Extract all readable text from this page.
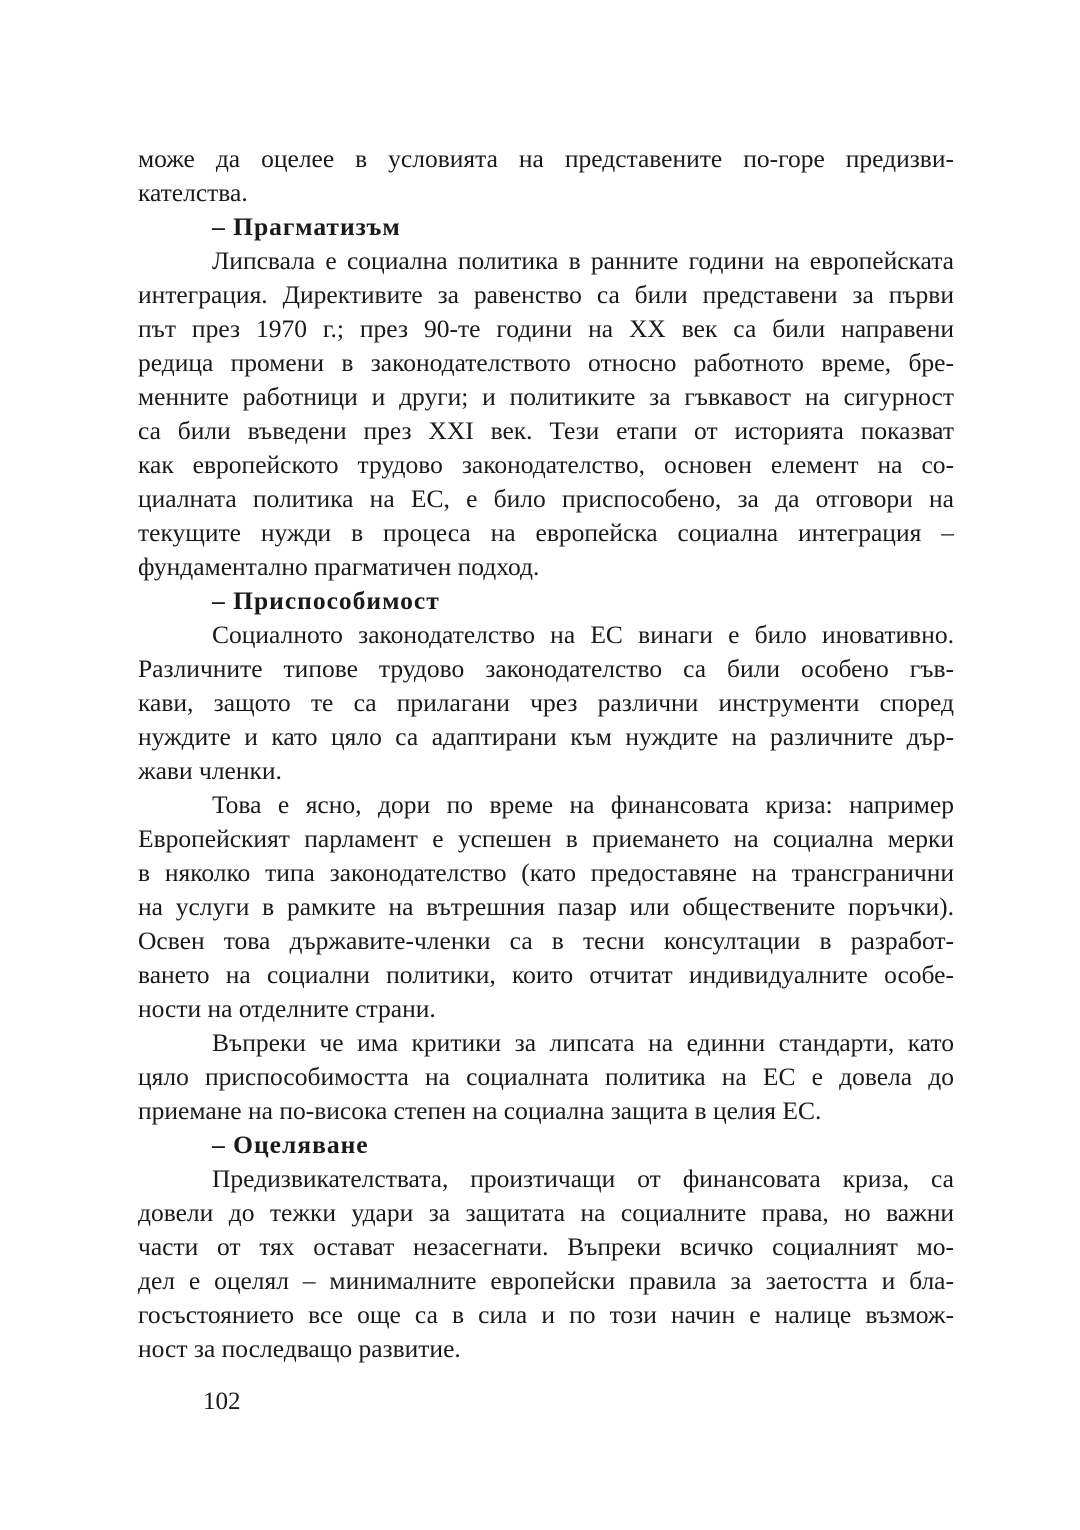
може да оцелее в условията на представените по-горе предизви-
кателства.
– Прагматизъм
Липсвала е социална политика в ранните години на европейската
интеграция. Директивите за равенство са били представени за първи
път през 1970 г.; през 90-те години на ХХ век са били направени
редица промени в законодателството относно работното време, бре-
менните работници и други; и политиките за гъвкавост на сигурност
са били въведени през ХХI век. Тези етапи от историята показват
как европейското трудово законодателство, основен елемент на со-
циалната политика на ЕС, е било приспособено, за да отговори на
текущите нужди в процеса на европейска социална интеграция –
фундаментално прагматичен подход.
– Приспособимост
Социалното законодателство на ЕС винаги е било иновативно.
Различните типове трудово законодателство са били особено гъв-
кави, защото те са прилагани чрез различни инструменти според
нуждите и като цяло са адаптирани към нуждите на различните дър-
жави членки.
Това е ясно, дори по време на финансовата криза: например
Европейският парламент е успешен в приемането на социална мерки
в няколко типа законодателство (като предоставяне на трансгранични
на услуги в рамките на вътрешния пазар или обществените поръчки).
Освен това държавите-членки са в тесни консултации в разработ-
ването на социални политики, които отчитат индивидуалните особе-
ности на отделните страни.
Въпреки че има критики за липсата на единни стандарти, като
цяло приспособимостта на социалната политика на ЕС е довела до
приемане на по-висока степен на социална защита в целия ЕС.
– Оцеляване
Предизвикателствата, произтичащи от финансовата криза, са
довели до тежки удари за защитата на социалните права, но важни
части от тях остават незасегнати. Въпреки всичко социалният мо-
дел е оцелял – минималните европейски правила за заетостта и бла-
госъстоянието все още са в сила и по този начин е налице възмож-
ност за последващо развитие.
102
